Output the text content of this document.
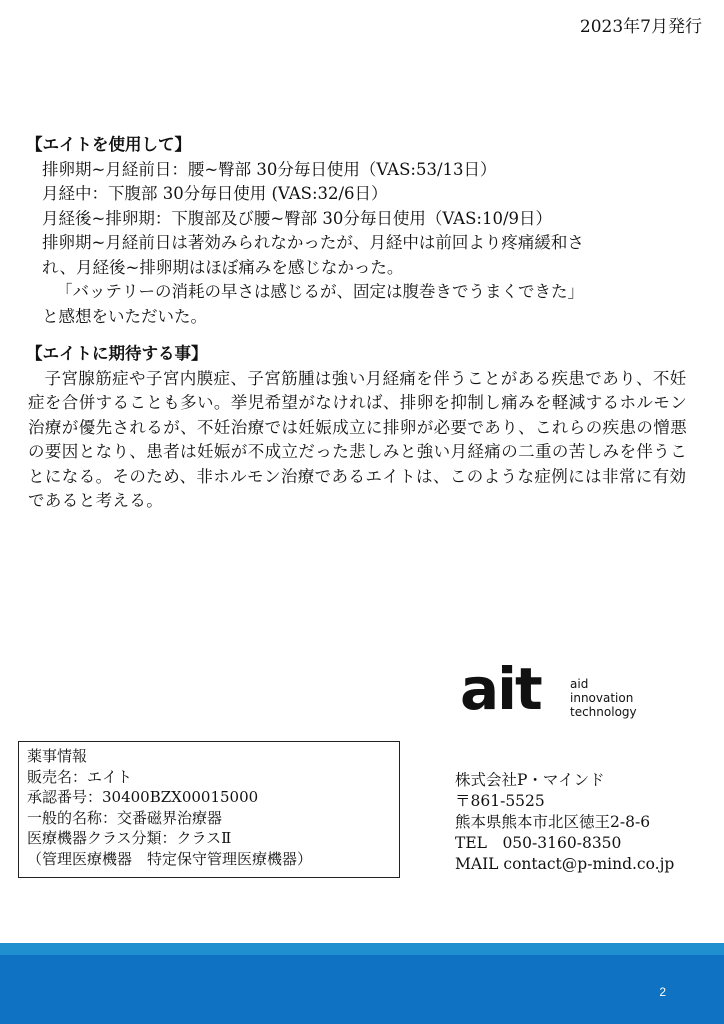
2023年7月発行

【エイトを使用して】

排卵期~月経前日：腰~臀部 30分毎日使用（VAS:53/13日）

月経中：下腹部 30分毎日使用 (VAS:32/6日）

月経後~排卵期：下腹部及び腰~臀部 30分毎日使用（VAS:10/9日）

排卵期~月経前日は著効みられなかったが、月経中は前回より疼痛緩和さ

れ、月経後~排卵期はほぼ痛みを感じなかった。

「バッテリーの消耗の早さは感じるが、固定は腹巻きでうまくできた」

と感想をいただいた。

【エイトに期待する事】

子宮腺筋症や子宮内膜症、子宮筋腫は強い月経痛を伴うことがある疾患であり、不妊症を合併することも多い。挙児希望がなければ、排卵を抑制し痛みを軽減するホルモン治療が優先されるが、不妊治療では妊娠成立に排卵が必要であり、これらの疾患の憎悪の要因となり、患者は妊娠が不成立だった悲しみと強い月経痛の二重の苦しみを伴うことになる。そのため、非ホルモン治療であるエイトは、このような症例には非常に有効であると考える。

ait aid
innovation
technology

薬事情報

販売名：エイト

承認番号：30400BZX00015000

一般的名称：交番磁界治療器

医療機器クラス分類：クラスⅡ

（管理医療機器　特定保守管理医療機器）

株式会社P・マインド

〒861-5525

熊本県熊本市北区徳王2-8-6

TEL　050-3160-8350

MAIL contact@p-mind.co.jp

2
